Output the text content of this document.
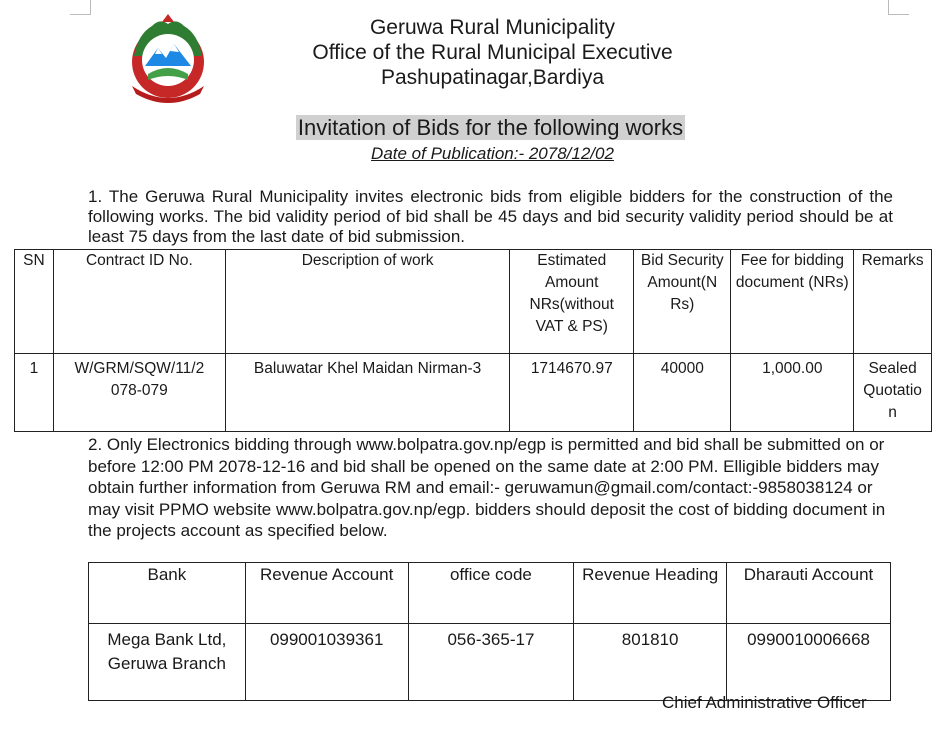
Geruwa Rural Municipality
Office of the Rural Municipal Executive
Pashupatinagar,Bardiya
Invitation of Bids for the following works
Date of Publication:- 2078/12/02
1. The Geruwa Rural Municipality invites electronic bids from eligible bidders for the construction of the following works. The bid validity period of bid shall be 45 days and bid security validity period should be at least 75 days from the last date of bid submission.
SN	Contract ID No.	Description of work	Estimated Amount NRs(without VAT & PS)	Bid Security Amount(N Rs)	Fee for bidding document (NRs)	Remarks
1	W/GRM/SQW/11/2 078-079	Baluwatar Khel Maidan Nirman-3	1714670.97	40000	1,000.00	Sealed Quotatio n
2. Only Electronics bidding through www.bolpatra.gov.np/egp is permitted and bid shall be submitted on or before 12:00 PM 2078-12-16 and bid shall be opened on the same date at 2:00 PM. Elligible bidders may obtain further information from Geruwa RM and email:- geruwamun@gmail.com/contact:-9858038124 or may visit PPMO website www.bolpatra.gov.np/egp. bidders should deposit the cost of bidding document in the projects account as specified below.
Bank	Revenue Account	office code	Revenue Heading	Dharauti Account
Mega Bank Ltd, Geruwa Branch	099001039361	056-365-17	801810	0990010006668
Chief Administrative Officer
